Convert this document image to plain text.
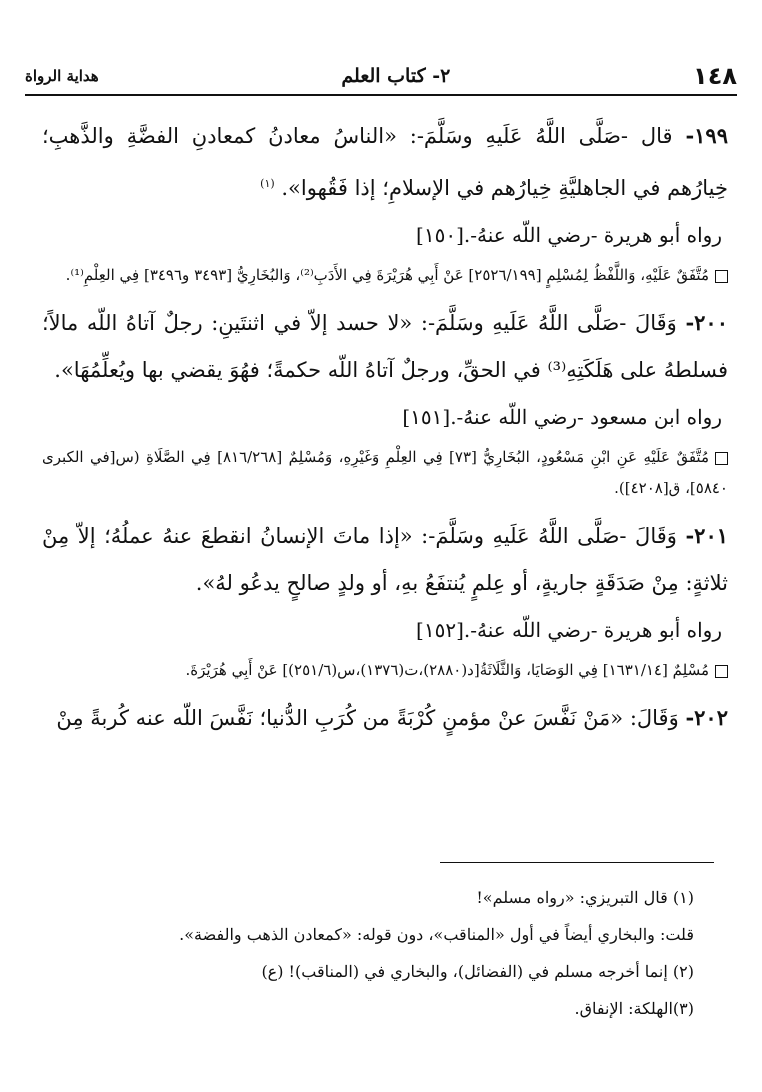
١٤٨
٢- كتاب العلم
هداية الرواة

١٩٩- قال -صَلَّى اللَّهُ عَلَيهِ وسَلَّمَ-: «الناسُ معادنُ كمعادنِ الفضَّةِ والذَّهبِ؛ خِيارُهم في الجاهليَّةِ خِيارُهم في الإسلامِ؛ إذا فَقُهوا». $^{(١)}$

رواه أبو هريرة -رضي اللّه عنهُ-.[١٥٠]

مُتَّفَقٌ عَلَيْهِ، وَاللَّفْظُ لِمُسْلِمٍ [٢٥٢٦/١٩٩] عَنْ أَبِي هُرَيْرَةَ فِي الأَدَبِ⁽²⁾، وَالبُخَارِيُّ [٣٤٩٣ و٣٤٩٦] فِي العِلْمِ⁽¹⁾.

٢٠٠- وَقَالَ -صَلَّى اللَّهُ عَلَيهِ وسَلَّمَ-: «لا حسد إلاّ في اثنتَينِ: رجلٌ آتاهُ اللّه مالاً؛ فسلطهُ على هَلَكَتِهِ⁽³⁾ في الحقِّ، ورجلٌ آتاهُ اللّه حكمةً؛ فهُوَ يقضي بها ويُعلِّمُهَا».

رواه ابن مسعود -رضي اللّه عنهُ-.[١٥١]

مُتَّفَقٌ عَلَيْهِ عَنِ ابْنِ مَسْعُودٍ، البُخَارِيُّ [٧٣] فِي العِلْمِ وَغَيْرِهِ، وَمُسْلِمٌ [٨١٦/٢٦٨] فِي الصَّلَاةِ (س[في الكبرى ٥٨٤٠]، ق[٤٢٠٨]).

٢٠١- وَقَالَ -صَلَّى اللَّهُ عَلَيهِ وسَلَّمَ-: «إذا ماتَ الإنسانُ انقطعَ عنهُ عملُهُ؛ إلاّ مِنْ ثلاثةٍ: مِنْ صَدَقَةٍ جاريةٍ، أو عِلمٍ يُنتفَعُ بهِ، أو ولدٍ صالحٍ يدعُو لهُ».

رواه أبو هريرة -رضي اللّه عنهُ-.[١٥٢]

مُسْلِمٌ [١٦٣١/١٤] فِي الوَصَايَا، وَالثَّلَاثَةُ[د(٢٨٨٠)،ت(١٣٧٦)،س(٢٥١/٦)] عَنْ أَبِي هُرَيْرَةَ.

٢٠٢- وَقَالَ: «مَنْ نَفَّسَ عنْ مؤمنٍ كُرْبَةً من كُرَبِ الدُّنيا؛ نَفَّسَ اللّه عنه كُربةً مِنْ

(١) قال التبريزي: «رواه مسلم»!

قلت: والبخاري أيضاً في أول «المناقب»، دون قوله: «كمعادن الذهب والفضة».

(٢) إنما أخرجه مسلم في (الفضائل)، والبخاري في (المناقب)! (ع)

(٣)الهلكة: الإنفاق.
